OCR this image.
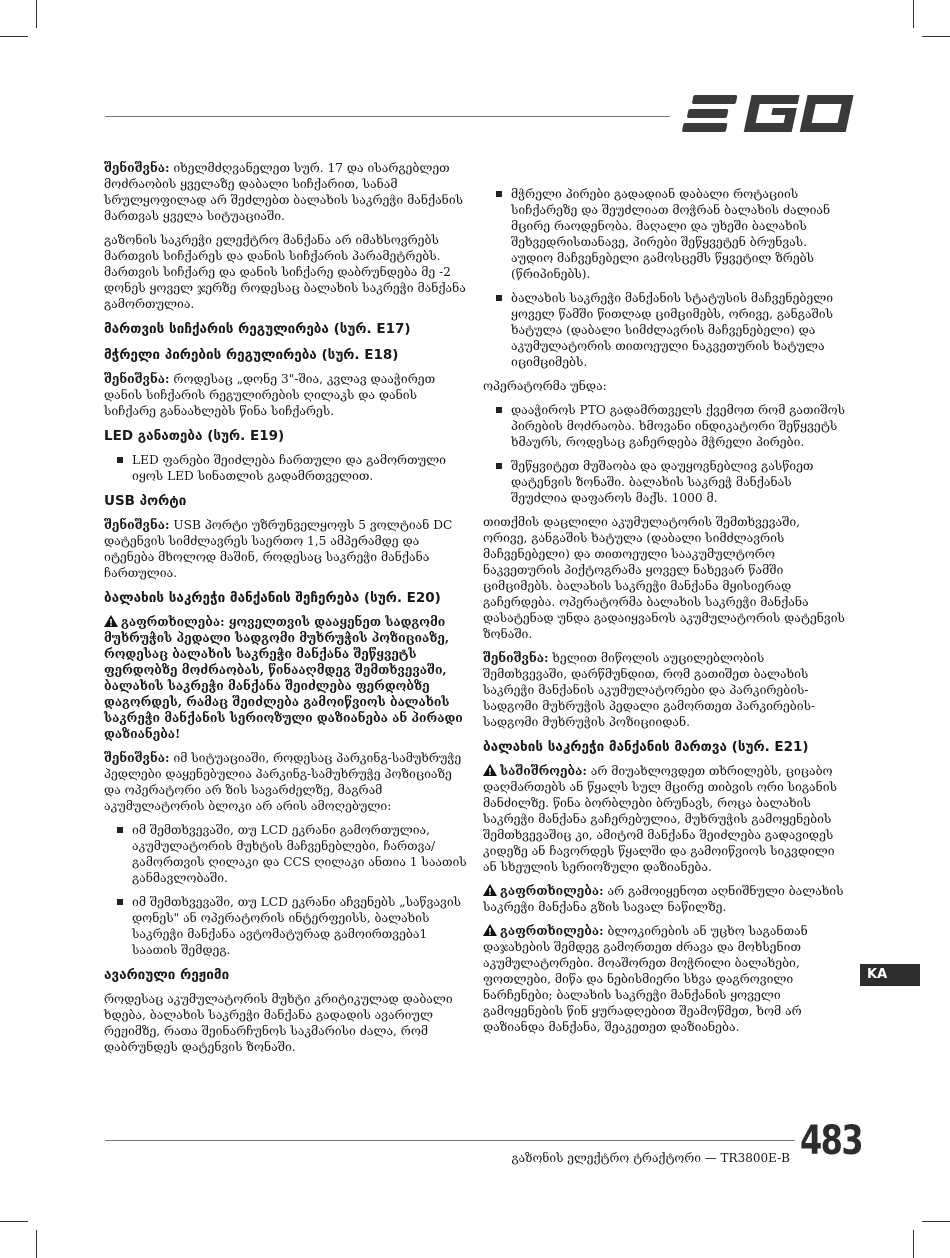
შენიშვნა: იხელმძღვანელეთ სურ. 17 და ისარგებლეთ მოძრაობის ყველაზე დაბალი სიჩქარით, სანამ სრულყოფილად არ შეძლებთ ბალახის საკრეჭი მანქანის მართვას ყველა სიტუაციაში.

გაზონის საკრეჭი ელექტრო მანქანა არ იმახსოვრებს მართვის სიჩქარეს და დანის სიჩქარის პარამეტრებს. მართვის სიჩქარე და დანის სიჩქარე დაბრუნდება მე -2 დონეს ყოველ ჯერზე როდესაც ბალახის საკრეჭი მანქანა გამორთულია.

მართვის სიჩქარის რეგულირება (სურ. E17)
მჭრელი პირების რეგულირება (სურ. E18)

შენიშვნა: როდესაც „დონე 3"-შია, კვლავ დააჭირეთ დანის სიჩქარის რეგულირების ღილაკს და დანის სიჩქარე განაახლებს წინა სიჩქარეს.

LED განათება (სურ. E19)
LED ფარები შეიძლება ჩართული და გამორთული იყოს LED სინათლის გადამრთველით.
USB პორტი

შენიშვნა: USB პორტი უზრუნველყოფს 5 ვოლტიან DC დატენვის სიმძლავრეს საერთო 1,5 ამპერამდე და იტენება მხოლოდ მაშინ, როდესაც საკრეჭი მანქანა ჩართულია.

ბალახის საკრეჭი მანქანის შეჩერება (სურ. E20)

გაფრთხილება: ყოველთვის დააყენეთ სადგომი მუხრუჭის პედალი სადგომი მუხრუჭის პოზიციაზე, როდესაც ბალახის საკრეჭი მანქანა შეწყვეტს ფერდობზე მოძრაობას, წინააღმდეგ შემთხვევაში, ბალახის საკრეჭი მანქანა შეიძლება ფერდობზე დაგორდეს, რამაც შეიძლება გამოიწვიოს ბალახის საკრეჭი მანქანის სერიოზული დაზიანება ან პირადი დაზიანება!

შენიშვნა: იმ სიტუაციაში, როდესაც პარკინგ-სამუხრუჭე პედლები დაყენებულია პარკინგ-სამუხრუჭე პოზიციაზე და ოპერატორი არ ზის სავარძელზე, მაგრამ აკუმულატორის ბლოკი არ არის ამოღებული:

იმ შემთხვევაში, თუ LCD ეკრანი გამორთულია, აკუმულატორის მუხტის მაჩვენებლები, ჩართვა/გამორთვის ღილაკი და CCS ღილაკი ანთია 1 საათის განმავლობაში.
იმ შემთხვევაში, თუ LCD ეკრანი აჩვენებს „საწვავის დონეს" ან ოპერატორის ინტერფეისს, ბალახის საკრეჭი მანქანა ავტომატურად გამოირთვება1 საათის შემდეგ.
ავარიული რეჟიმი

როდესაც აკუმულატორის მუხტი კრიტიკულად დაბალი ხდება, ბალახის საკრეჭი მანქანა გადადის ავარიულ რეჟიმზე, რათა შეინარჩუნოს საკმარისი ძალა, რომ დაბრუნდეს დატენვის ზონაში.

მჭრელი პირები გადადიან დაბალი როტაციის სიჩქარეზე და შეუძლიათ მოჭრან ბალახის ძალიან მცირე რაოდენობა. მაღალი და უხეში ბალახის შეხვედრისთანავე, პირები შეწყვეტენ ბრუნვას. აუდიო მაჩვენებელი გამოსცემს წყვეტილ ზრებს (წრიპინებს).
ბალახის საკრეჭი მანქანის სტატუსის მაჩვენებელი ყოველ წამში წითლად ციმციმებს, ორივე, განგაშის ხატულა (დაბალი სიმძლავრის მაჩვენებელი) და აკუმულატორის თითოეული ნაკვეთურის ხატულა იციმციმებს.

ოპერატორმა უნდა:

დააჭიროს PTO გადამრთველს ქვემოთ რომ გათიშოს პირების მოძრაობა. ხმოვანი ინდიკატორი შეწყვეტს ხმაურს, როდესაც გაჩერდება მჭრელი პირები.
შეწყვიტეთ მუშაობა და დაუყოვნებლივ გასწიეთ დატენვის ზონაში. ბალახის საკრეჭ მანქანას შეუძლია დაფაროს მაქს. 1000 მ.

თითქმის დაცლილი აკუმულატორის შემთხვევაში, ორივე, განგაშის ხატულა (დაბალი სიმძლავრის მაჩვენებელი) და თითოეული სააკუმულტორო ნაკვეთურის პიქტოგრამა ყოველ ნახევარ წამში ციმციმებს. ბალახის საკრეჭი მანქანა მყისიერად გაჩერდება. ოპერატორმა ბალახის საკრეჭი მანქანა დასატენად უნდა გადაიყვანოს აკუმულატორის დატენვის ზონაში.

შენიშვნა: ხელით მიწოლის აუცილებლობის შემთხვევაში, დარწმუნდით, რომ გათიშეთ ბალახის საკრეჭი მანქანის აკუმულატორები და პარკირების-სადგომი მუხრუჭის პედალი გამორთეთ პარკირების-სადგომი მუხრუჭის პოზიციიდან.

ბალახის საკრეჭი მანქანის მართვა (სურ. E21)

საშიშროება: არ მიუახლოვდეთ თხრილებს, ციცაბო დაღმართებს ან წყალს სულ მცირე თიბვის ორი სიგანის მანძილზე. წინა ბორბლები ბრუნავს, როცა ბალახის საკრეჭი მანქანა გაჩერებულია, მუხრუჭის გამოყენების შემთხვევაშიც კი, ამიტომ მანქანა შეიძლება გადავიდეს კიდეზე ან ჩავორდეს წყალში და გამოიწვიოს სიკვდილი ან სხეულის სერიოზული დაზიანება.

გაფრთხილება: არ გამოიყენოთ აღნიშნული ბალახის საკრეჭი მანქანა გზის სავალ ნაწილზე.

გაფრთხილება: ბლოკირების ან უცხო საგანთან დაჯახების შემდეგ გამორთეთ ძრავა და მოხსენით აკუმულატორები. მოაშორეთ მოჭრილი ბალახები, ფოთლები, მიწა და ნებისმიერი სხვა დაგროვილი ნარჩენები; ბალახის საკრეჭი მანქანის ყოველი გამოყენების წინ ყურადღებით შეამოწმეთ, ხომ არ დაზიანდა მანქანა, შეაკეთეთ დაზიანება.

KA
გაზონის ელექტრო ტრაქტორი — TR3800E-B 483
